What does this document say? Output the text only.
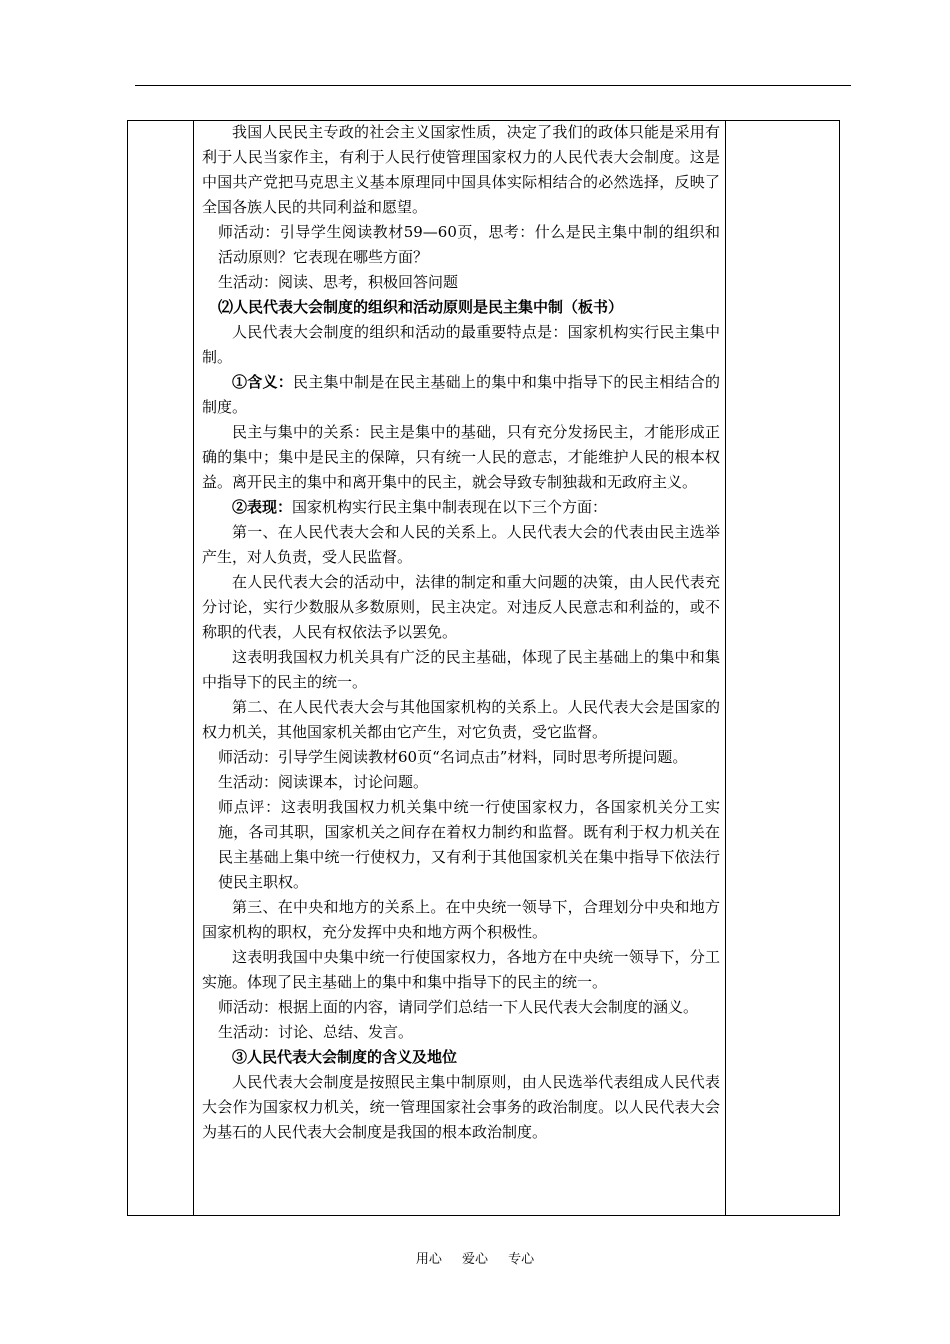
我国人民民主专政的社会主义国家性质，决定了我们的政体只能是采用有利于人民当家作主，有利于人民行使管理国家权力的人民代表大会制度。这是中国共产党把马克思主义基本原理同中国具体实际相结合的必然选择，反映了全国各族人民的共同利益和愿望。

师活动：引导学生阅读教材59—60页，思考：什么是民主集中制的组织和活动原则？它表现在哪些方面？

生活动：阅读、思考，积极回答问题

⑵人民代表大会制度的组织和活动原则是民主集中制（板书）

人民代表大会制度的组织和活动的最重要特点是：国家机构实行民主集中制。

①含义：民主集中制是在民主基础上的集中和集中指导下的民主相结合的制度。

民主与集中的关系：民主是集中的基础，只有充分发扬民主，才能形成正确的集中；集中是民主的保障，只有统一人民的意志，才能维护人民的根本权益。离开民主的集中和离开集中的民主，就会导致专制独裁和无政府主义。

②表现：国家机构实行民主集中制表现在以下三个方面：

第一、在人民代表大会和人民的关系上。人民代表大会的代表由民主选举产生，对人负责，受人民监督。

在人民代表大会的活动中，法律的制定和重大问题的决策，由人民代表充分讨论，实行少数服从多数原则，民主决定。对违反人民意志和利益的，或不称职的代表，人民有权依法予以罢免。

这表明我国权力机关具有广泛的民主基础，体现了民主基础上的集中和集中指导下的民主的统一。

第二、在人民代表大会与其他国家机构的关系上。人民代表大会是国家的权力机关，其他国家机关都由它产生，对它负责，受它监督。

师活动：引导学生阅读教材60页“名词点击”材料，同时思考所提问题。

生活动：阅读课本，讨论问题。

师点评：这表明我国权力机关集中统一行使国家权力，各国家机关分工实施，各司其职，国家机关之间存在着权力制约和监督。既有利于权力机关在民主基础上集中统一行使权力，又有利于其他国家机关在集中指导下依法行使民主职权。

第三、在中央和地方的关系上。在中央统一领导下，合理划分中央和地方国家机构的职权，充分发挥中央和地方两个积极性。

这表明我国中央集中统一行使国家权力，各地方在中央统一领导下，分工实施。体现了民主基础上的集中和集中指导下的民主的统一。

师活动：根据上面的内容，请同学们总结一下人民代表大会制度的涵义。

生活动：讨论、总结、发言。

③人民代表大会制度的含义及地位

人民代表大会制度是按照民主集中制原则，由人民选举代表组成人民代表大会作为国家权力机关，统一管理国家社会事务的政治制度。以人民代表大会为基石的人民代表大会制度是我国的根本政治制度。

用心 爱心 专心
